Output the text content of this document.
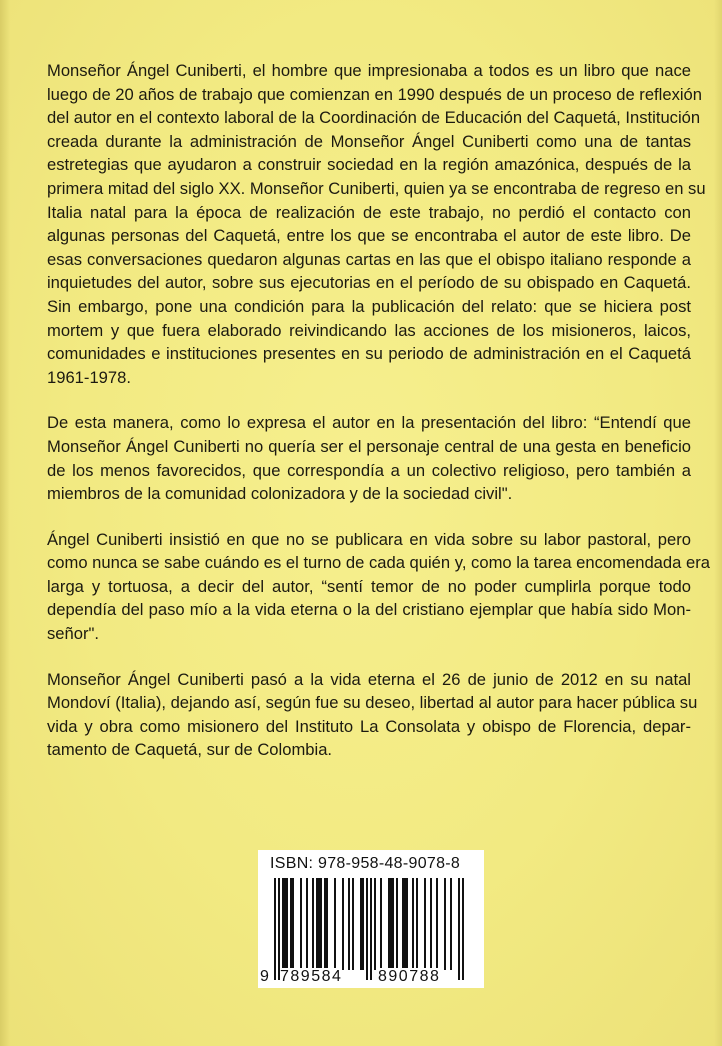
Monseñor Ángel Cuniberti, el hombre que impresionaba a todos es un libro que nace
luego de 20 años de trabajo que comienzan en 1990 después de un proceso de reflexión
del autor en el contexto laboral de la Coordinación de Educación del Caquetá, Institución
creada durante la administración de Monseñor Ángel Cuniberti como una de tantas
estretegias que ayudaron a construir sociedad en la región amazónica, después de la
primera mitad del siglo XX. Monseñor Cuniberti, quien ya se encontraba de regreso en su
Italia natal para la época de realización de este trabajo, no perdió el contacto con
algunas personas del Caquetá, entre los que se encontraba el autor de este libro. De
esas conversaciones quedaron algunas cartas en las que el obispo italiano responde a
inquietudes del autor, sobre sus ejecutorias en el período de su obispado en Caquetá.
Sin embargo, pone una condición para la publicación del relato: que se hiciera post
mortem y que fuera elaborado reivindicando las acciones de los misioneros, laicos,
comunidades e instituciones presentes en su periodo de administración en el Caquetá
1961-1978.

De esta manera, como lo expresa el autor en la presentación del libro: “Entendí que
Monseñor Ángel Cuniberti no quería ser el personaje central de una gesta en beneficio
de los menos favorecidos, que correspondía a un colectivo religioso, pero también a
miembros de la comunidad colonizadora y de la sociedad civil".

Ángel Cuniberti insistió en que no se publicara en vida sobre su labor pastoral, pero
como nunca se sabe cuándo es el turno de cada quién y, como la tarea encomendada era
larga y tortuosa, a decir del autor, “sentí temor de no poder cumplirla porque todo
dependía del paso mío a la vida eterna o la del cristiano ejemplar que había sido Mon-
señor".

Monseñor Ángel Cuniberti pasó a la vida eterna el 26 de junio de 2012 en su natal
Mondoví (Italia), dejando así, según fue su deseo, libertad al autor para hacer pública su
vida y obra como misionero del Instituto La Consolata y obispo de Florencia, depar-
tamento de Caquetá, sur de Colombia.

ISBN: 978-958-48-9078-8
9 789584 890788
